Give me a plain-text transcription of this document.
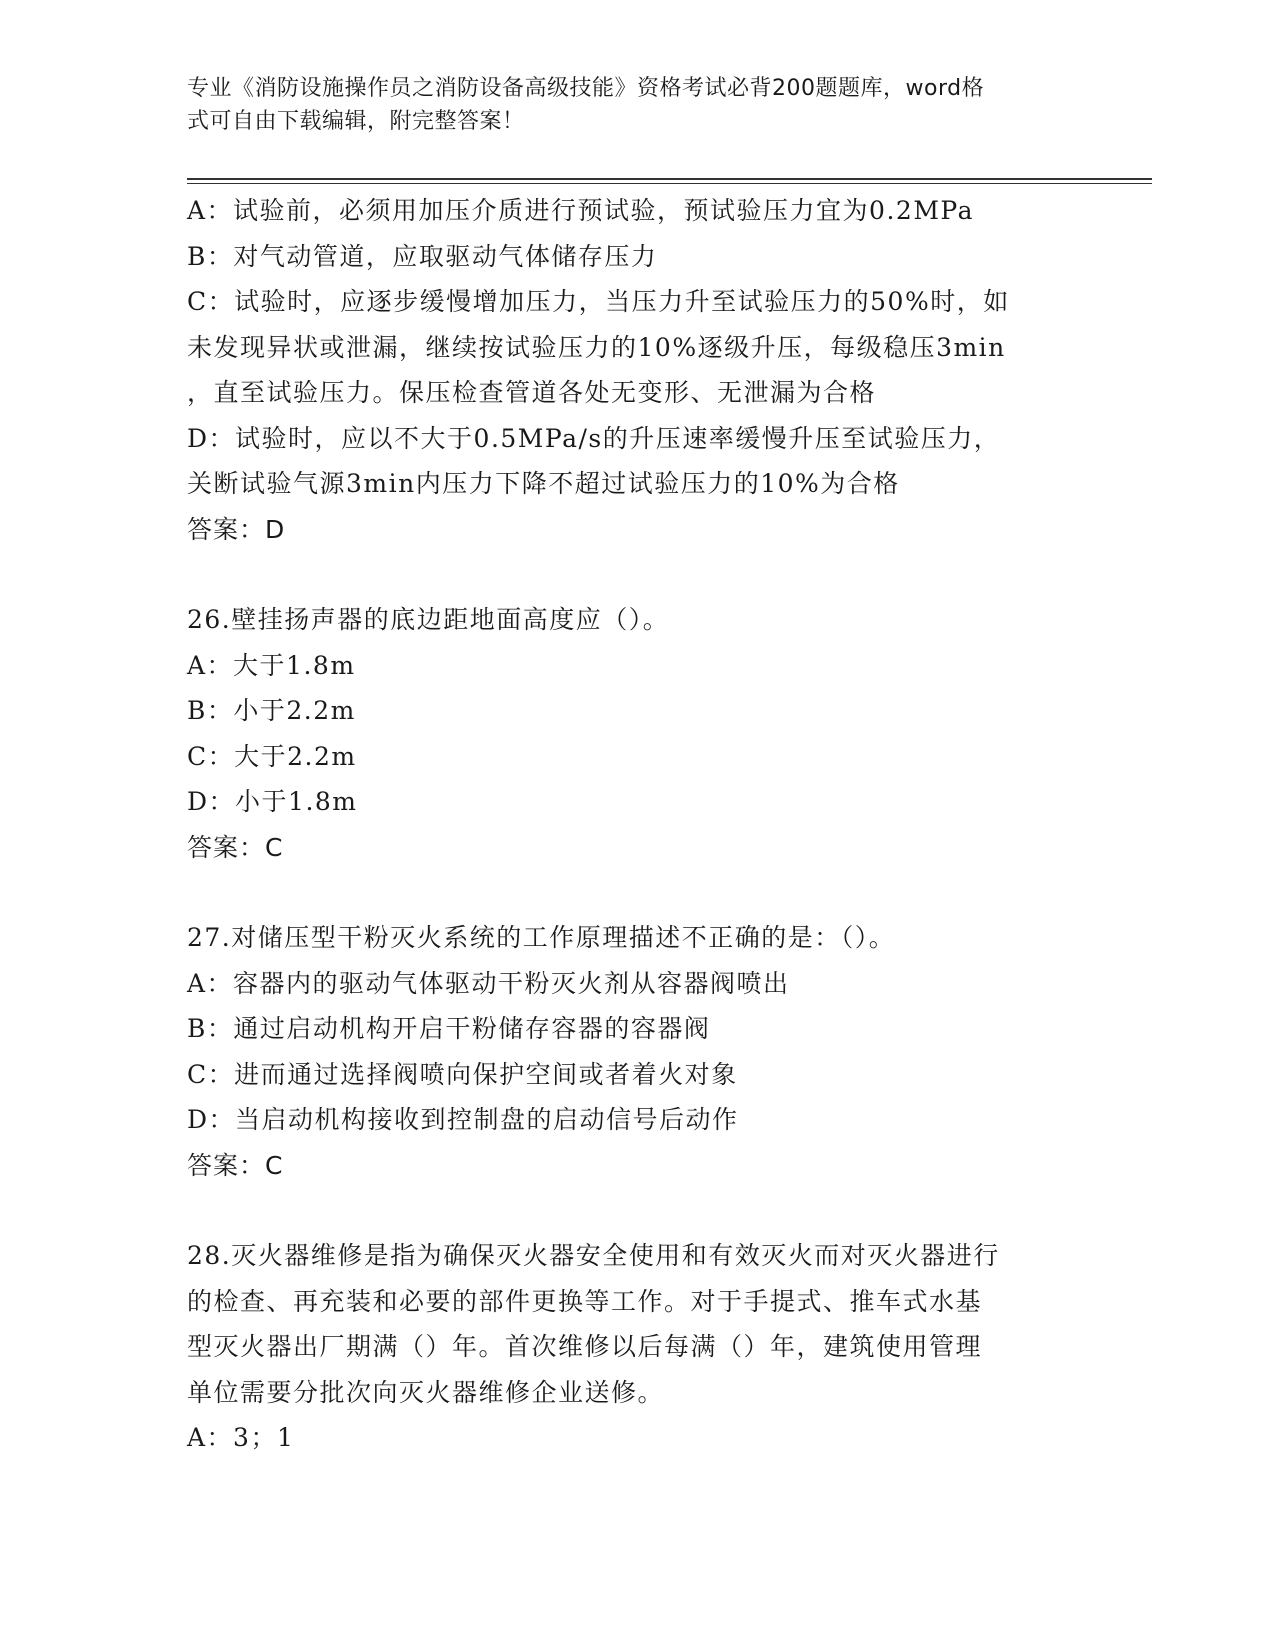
专业《消防设施操作员之消防设备高级技能》资格考试必背200题题库，word格
式可自由下载编辑，附完整答案！
A：试验前，必须用加压介质进行预试验，预试验压力宜为0.2MPa
B：对气动管道，应取驱动气体储存压力
C：试验时，应逐步缓慢增加压力，当压力升至试验压力的50%时，如
未发现异状或泄漏，继续按试验压力的10%逐级升压，每级稳压3min
，直至试验压力。保压检查管道各处无变形、无泄漏为合格
D：试验时，应以不大于0.5MPa/s的升压速率缓慢升压至试验压力，
关断试验气源3min内压力下降不超过试验压力的10%为合格
答案：D
26.壁挂扬声器的底边距地面高度应（）。
A：大于1.8m
B：小于2.2m
C：大于2.2m
D：小于1.8m
答案：C
27.对储压型干粉灭火系统的工作原理描述不正确的是：（）。
A：容器内的驱动气体驱动干粉灭火剂从容器阀喷出
B：通过启动机构开启干粉储存容器的容器阀
C：进而通过选择阀喷向保护空间或者着火对象
D：当启动机构接收到控制盘的启动信号后动作
答案：C
28.灭火器维修是指为确保灭火器安全使用和有效灭火而对灭火器进行
的检查、再充装和必要的部件更换等工作。对于手提式、推车式水基
型灭火器出厂期满（）年。首次维修以后每满（）年，建筑使用管理
单位需要分批次向灭火器维修企业送修。
A：3；1
